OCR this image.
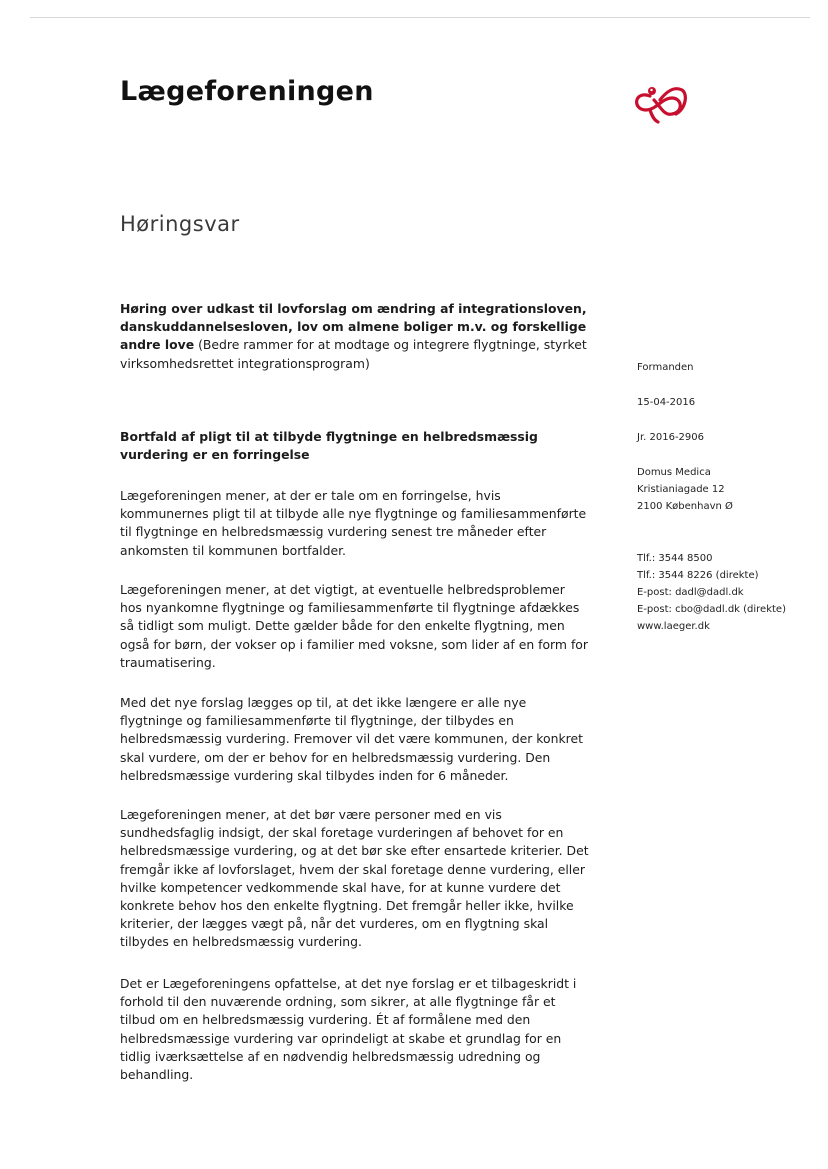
Lægeforeningen
Høringsvar

Høring over udkast til lovforslag om ændring af integrationsloven, danskuddannelsesloven, lov om almene boliger m.v. og forskellige andre love (Bedre rammer for at modtage og integrere flygtninge, styrket virksomhedsrettet integrationsprogram)

Bortfald af pligt til at tilbyde flygtninge en helbredsmæssig vurdering er en forringelse
Lægeforeningen mener, at der er tale om en forringelse, hvis kommunernes pligt til at tilbyde alle nye flygtninge og familiesammenførte til flygtninge en helbredsmæssig vurdering senest tre måneder efter ankomsten til kommunen bortfalder.
Lægeforeningen mener, at det vigtigt, at eventuelle helbredsproblemer hos nyankomne flygtninge og familiesammenførte til flygtninge afdækkes så tidligt som muligt. Dette gælder både for den enkelte flygtning, men også for børn, der vokser op i familier med voksne, som lider af en form for traumatisering.
Med det nye forslag lægges op til, at det ikke længere er alle nye flygtninge og familiesammenførte til flygtninge, der tilbydes en helbredsmæssig vurdering. Fremover vil det være kommunen, der konkret skal vurdere, om der er behov for en helbredsmæssig vurdering. Den helbredsmæssige vurdering skal tilbydes inden for 6 måneder.
Lægeforeningen mener, at det bør være personer med en vis sundhedsfaglig indsigt, der skal foretage vurderingen af behovet for en helbredsmæssige vurdering, og at det bør ske efter ensartede kriterier. Det fremgår ikke af lovforslaget, hvem der skal foretage denne vurdering, eller hvilke kompetencer vedkommende skal have, for at kunne vurdere det konkrete behov hos den enkelte flygtning. Det fremgår heller ikke, hvilke kriterier, der lægges vægt på, når det vurderes, om en flygtning skal tilbydes en helbredsmæssig vurdering.
Det er Lægeforeningens opfattelse, at det nye forslag er et tilbageskridt i forhold til den nuværende ordning, som sikrer, at alle flygtninge får et tilbud om en helbredsmæssig vurdering. Ét af formålene med den helbredsmæssige vurdering var oprindeligt at skabe et grundlag for en tidlig iværksættelse af en nødvendig helbredsmæssig udredning og behandling.
Formanden
15-04-2016
Jr. 2016-2906
Domus Medica
Kristianiagade 12
2100 København Ø
Tlf.: 3544 8500
Tlf.: 3544 8226 (direkte)
E-post: dadl@dadl.dk
E-post: cbo@dadl.dk (direkte)
www.laeger.dk
